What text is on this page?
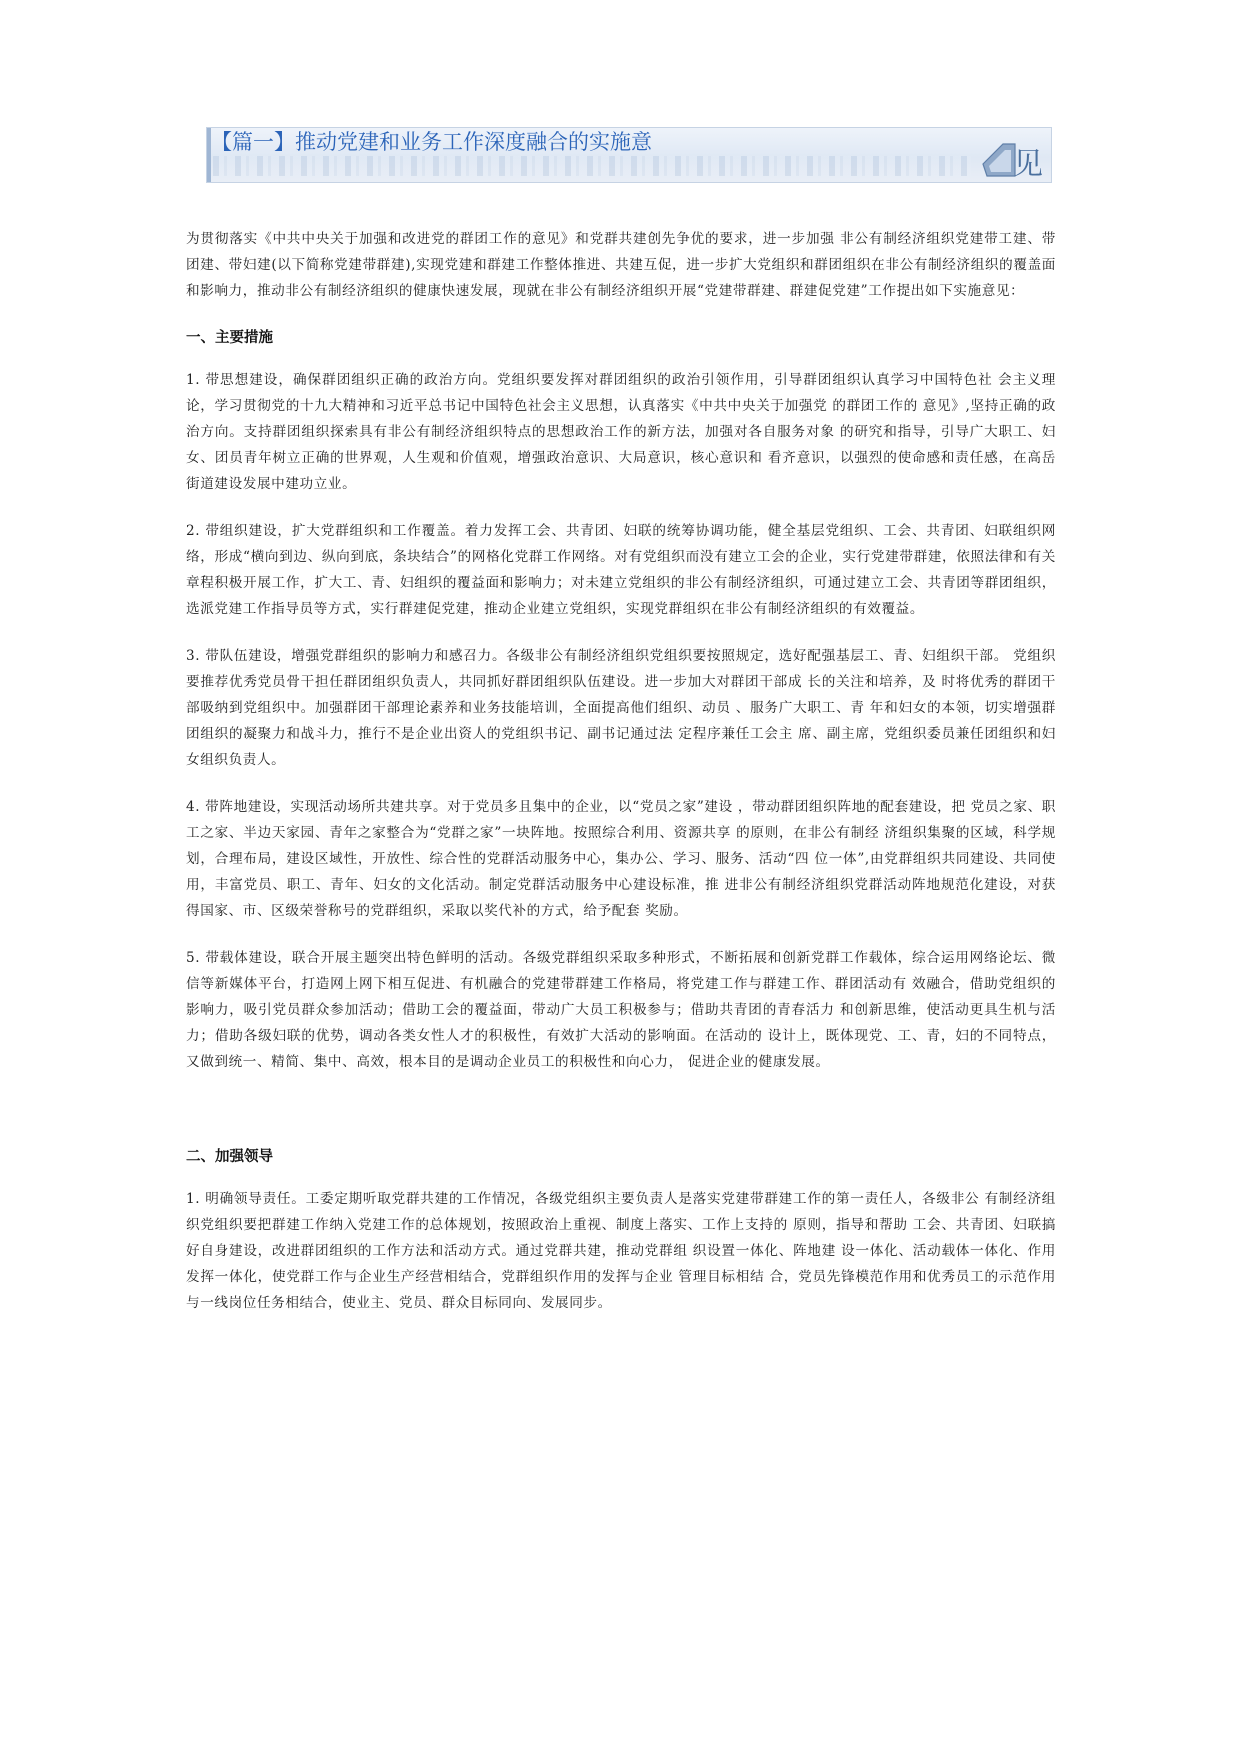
【篇一】推动党建和业务工作深度融合的实施意
见

为贯彻落实《中共中央关于加强和改进党的群团工作的意见》和党群共建创先争优的要求，进一步加强 非公有制经济组织党建带工建、带团建、带妇建(以下简称党建带群建),实现党建和群建工作整体推进、共建互促，进一步扩大党组织和群团组织在非公有制经济组织的覆盖面和影响力，推动非公有制经济组织的健康快速发展，现就在非公有制经济组织开展“党建带群建、群建促党建”工作提出如下实施意见：

一、主要措施

1. 带思想建设，确保群团组织正确的政治方向。党组织要发挥对群团组织的政治引领作用，引导群团组织认真学习中国特色社 会主义理论，学习贯彻党的十九大精神和习近平总书记中国特色社会主义思想，认真落实《中共中央关于加强党 的群团工作的 意见》,坚持正确的政治方向。支持群团组织探索具有非公有制经济组织特点的思想政治工作的新方法，加强对各自服务对象 的研究和指导，引导广大职工、妇女、团员青年树立正确的世界观，人生观和价值观，增强政治意识、大局意识，核心意识和 看齐意识，以强烈的使命感和责任感，在高岳街道建设发展中建功立业。

2. 带组织建设，扩大党群组织和工作覆盖。着力发挥工会、共青团、妇联的统筹协调功能，健全基层党组织、工会、共青团、妇联组织网络，形成“横向到边、纵向到底，条块结合”的网格化党群工作网络。对有党组织而没有建立工会的企业，实行党建带群建，依照法律和有关章程积极开展工作，扩大工、青、妇组织的覆益面和影响力；对未建立党组织的非公有制经济组织，可通过建立工会、共青团等群团组织，选派党建工作指导员等方式，实行群建促党建，推动企业建立党组织，实现党群组织在非公有制经济组织的有效覆益。

3. 带队伍建设，增强党群组织的影响力和感召力。各级非公有制经济组织党组织要按照规定，选好配强基层工、青、妇组织干部。 党组织要推荐优秀党员骨干担任群团组织负责人，共同抓好群团组织队伍建设。进一步加大对群团干部成 长的关注和培养，及 时将优秀的群团干部吸纳到党组织中。加强群团干部理论素养和业务技能培训，全面提高他们组织、动员 、服务广大职工、青 年和妇女的本领，切实增强群团组织的凝聚力和战斗力，推行不是企业出资人的党组织书记、副书记通过法 定程序兼任工会主 席、副主席，党组织委员兼任团组织和妇女组织负责人。

4. 带阵地建设，实现活动场所共建共享。对于党员多且集中的企业，以“党员之家”建设 ，带动群团组织阵地的配套建设，把 党员之家、职工之家、半边天家园、青年之家整合为“党群之家”一块阵地。按照综合利用、资源共享 的原则，在非公有制经 济组织集聚的区域，科学规划，合理布局，建设区域性，开放性、综合性的党群活动服务中心，集办公、学习、服务、活动“四 位一体”,由党群组织共同建设、共同使用，丰富党员、职工、青年、妇女的文化活动。制定党群活动服务中心建设标准，推 进非公有制经济组织党群活动阵地规范化建设，对获得国家、市、区级荣誉称号的党群组织，采取以奖代补的方式，给予配套 奖励。

5. 带载体建设，联合开展主题突出特色鲜明的活动。各级党群组织采取多种形式，不断拓展和创新党群工作载体，综合运用网络论坛、微信等新媒体平台，打造网上网下相互促进、有机融合的党建带群建工作格局，将党建工作与群建工作、群团活动有 效融合，借助党组织的影响力，吸引党员群众参加活动；借助工会的覆益面，带动广大员工积极参与；借助共青团的青春活力 和创新思维，使活动更具生机与活力；借助各级妇联的优势，调动各类女性人才的积极性，有效扩大活动的影响面。在活动的 设计上，既体现党、工、青，妇的不同特点，又做到统一、精简、集中、高效，根本目的是调动企业员工的积极性和向心力， 促进企业的健康发展。

二、加强领导

1. 明确领导责任。工委定期听取党群共建的工作情况，各级党组织主要负责人是落实党建带群建工作的第一责任人，各级非公 有制经济组织党组织要把群建工作纳入党建工作的总体规划，按照政治上重视、制度上落实、工作上支持的 原则，指导和帮助 工会、共青团、妇联搞好自身建设，改进群团组织的工作方法和活动方式。通过党群共建，推动党群组 织设置一体化、阵地建 设一体化、活动载体一体化、作用发挥一体化，使党群工作与企业生产经营相结合，党群组织作用的发挥与企业 管理目标相结 合，党员先锋模范作用和优秀员工的示范作用与一线岗位任务相结合，使业主、党员、群众目标同向、发展同步。
